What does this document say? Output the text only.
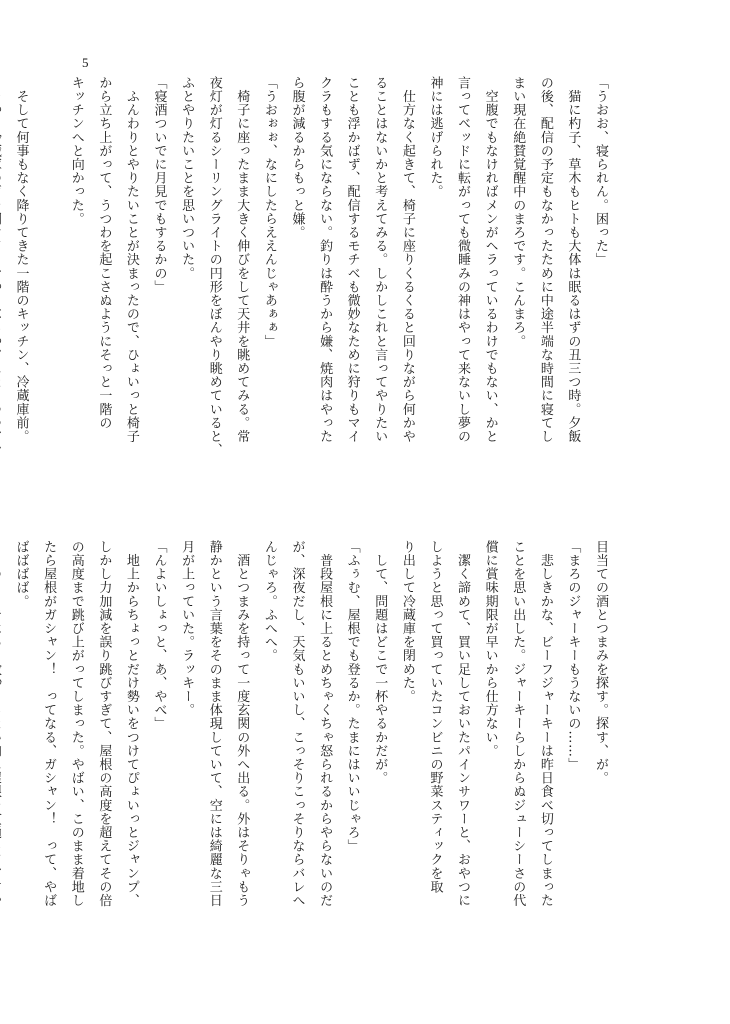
5
「うおお、寝られん。困った」
　猫に杓子、草木もヒトも大体は眠るはずの丑三つ時。夕飯
の後、配信の予定もなかったために中途半端な時間に寝てし
まい現在絶賛覚醒中のまろです。こんまろ。
　空腹でもなければメンがヘラっているわけでもない、かと
言ってベッドに転がっても微睡みの神はやって来ないし夢の
神には逃げられた。
　仕方なく起きて、椅子に座りくるくると回りながら何かや
ることはないかと考えてみる。しかしこれと言ってやりたい
ことも浮かばず、配信するモチベも微妙なために狩りもマイ
クラもする気にならない。釣りは酔うから嫌、焼肉はやった
ら腹が減るからもっと嫌。
「うおぉぉ、なにしたらええんじゃあぁぁ」
　椅子に座ったまま大きく伸びをして天井を眺めてみる。常
夜灯が灯るシーリングライトの円形をぼんやり眺めていると、
ふとやりたいことを思いついた。
「寝酒ついでに月見でもするかの」
　ふんわりとやりたいことが決まったので、ひょいっと椅子
から立ち上がって、うつわを起こさぬようにそっと一階の
キッチンへと向かった。

　そして何事もなく降りてきた一階のキッチン、冷蔵庫前。
目当ての酒とつまみを探す。探す、が。
「まろのジャーキーもうないの……」
　悲しきかな、ビーフジャーキーは昨日食べ切ってしまった
ことを思い出した。ジャーキーらしからぬジューシーさの代
償に賞味期限が早いから仕方ない。
　潔く諦めて、買い足しておいたパインサワーと、おやつに
しようと思って買っていたコンビニの野菜スティックを取
り出して冷蔵庫を閉めた。
　して、問題はどこで一杯やるかだが。
「ふぅむ、屋根でも登るか。たまにはいいじゃろ」
　普段屋根に上るとめちゃくちゃ怒られるからやらないのだ
が、深夜だし、天気もいいし、こっそりこっそりならバレへ
んじゃろ。ふへへ。
　酒とつまみを持って一度玄関の外へ出る。外はそりゃもう
静かという言葉をそのまま体現していて、空には綺麗な三日
月が上っていた。ラッキー。
「んよいしょっと、あ、やべ」
　地上からちょっとだけ勢いをつけてぴょいっとジャンプ、
しかし力加減を誤り跳びすぎて、屋根の高度を超えてその倍
の高度まで跳び上がってしまった。やばい、このまま着地し
たら屋根がガシャン！　ってなる、ガシャン！　って、やば
ばばばば。
